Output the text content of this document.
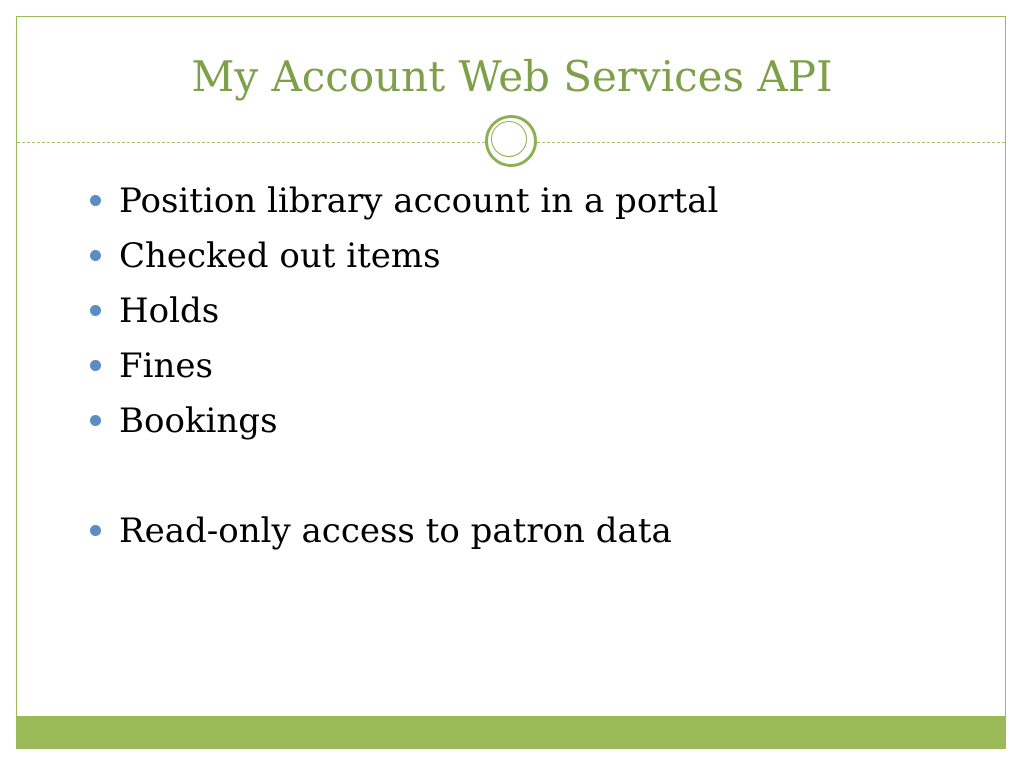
My Account Web Services API
Position library account in a portal
Checked out items
Holds
Fines
Bookings
Read-only access to patron data
